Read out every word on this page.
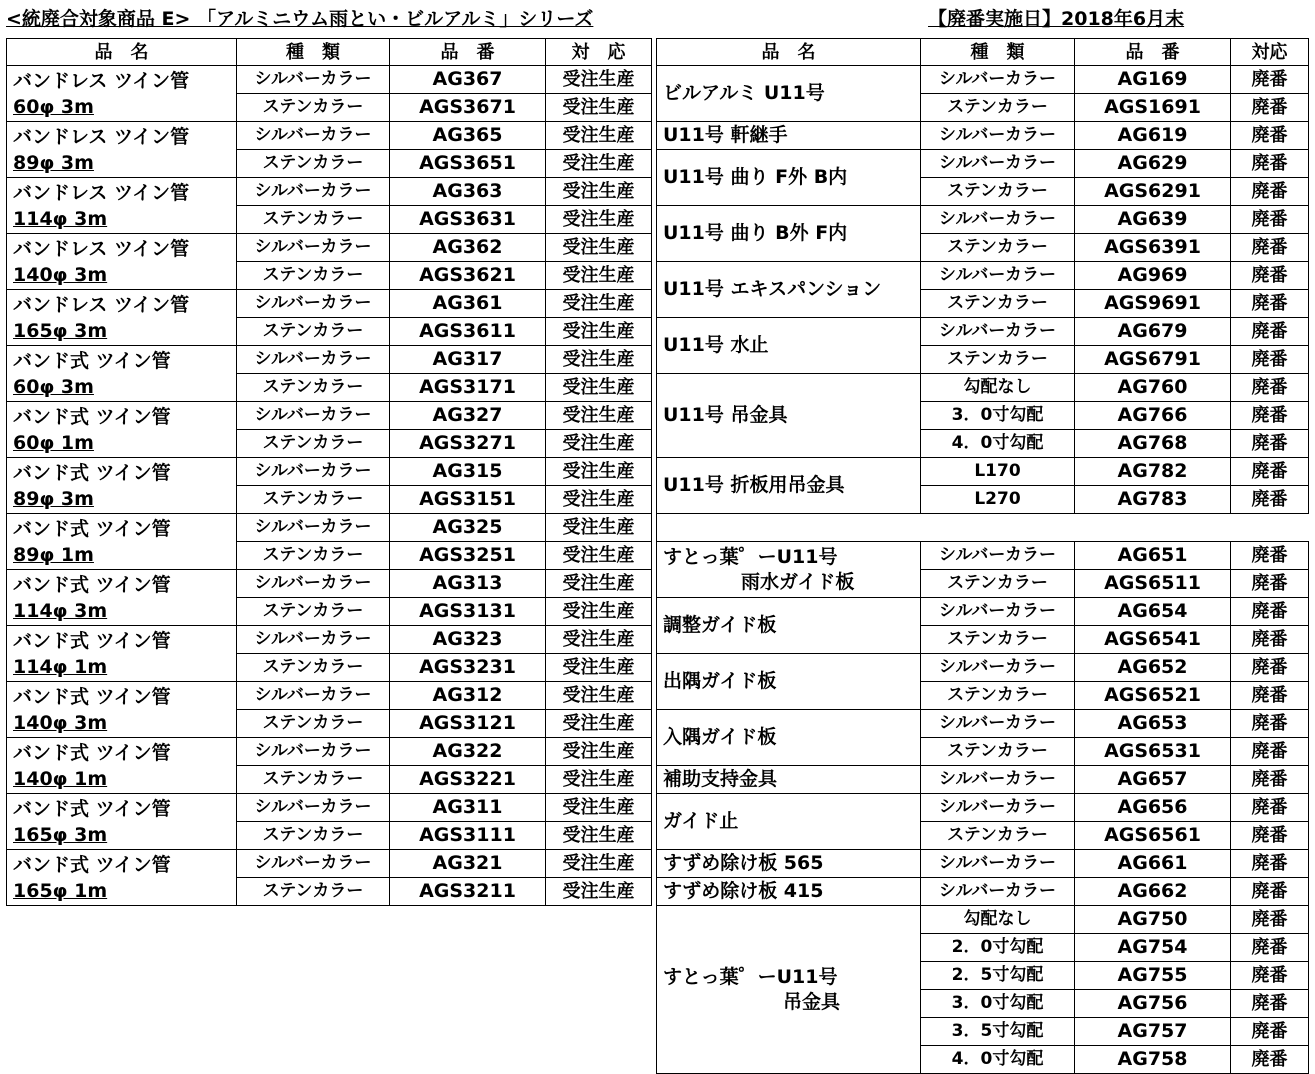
<統廃合対象商品 E> 「アルミニウム雨とい・ビルアルミ」シリーズ	【廃番実施日】2018年6月末
品　名	種　類	品　番	対　応

バンドレス ツイン管
60φ 3m	シルバーカラー	AG367	受注生産
	ステンカラー	AGS3671	受注生産

バンドレス ツイン管
89φ 3m	シルバーカラー	AG365	受注生産
	ステンカラー	AGS3651	受注生産

バンドレス ツイン管
114φ 3m	シルバーカラー	AG363	受注生産
	ステンカラー	AGS3631	受注生産

バンドレス ツイン管
140φ 3m	シルバーカラー	AG362	受注生産
	ステンカラー	AGS3621	受注生産

バンドレス ツイン管
165φ 3m	シルバーカラー	AG361	受注生産
	ステンカラー	AGS3611	受注生産

バンド式 ツイン管
60φ 3m	シルバーカラー	AG317	受注生産
	ステンカラー	AGS3171	受注生産

バンド式 ツイン管
60φ 1m	シルバーカラー	AG327	受注生産
	ステンカラー	AGS3271	受注生産

バンド式 ツイン管
89φ 3m	シルバーカラー	AG315	受注生産
	ステンカラー	AGS3151	受注生産

バンド式 ツイン管
89φ 1m	シルバーカラー	AG325	受注生産
	ステンカラー	AGS3251	受注生産

バンド式 ツイン管
114φ 3m	シルバーカラー	AG313	受注生産
	ステンカラー	AGS3131	受注生産

バンド式 ツイン管
114φ 1m	シルバーカラー	AG323	受注生産
	ステンカラー	AGS3231	受注生産

バンド式 ツイン管
140φ 3m	シルバーカラー	AG312	受注生産
	ステンカラー	AGS3121	受注生産

バンド式 ツイン管
140φ 1m	シルバーカラー	AG322	受注生産
	ステンカラー	AGS3221	受注生産

バンド式 ツイン管
165φ 3m	シルバーカラー	AG311	受注生産
	ステンカラー	AGS3111	受注生産

バンド式 ツイン管
165φ 1m	シルバーカラー	AG321	受注生産
	ステンカラー	AGS3211	受注生産
品　名	種　類	品　番	対応
ビルアルミ U11号	シルバーカラー	AG169	廃番
	ステンカラー	AGS1691	廃番
U11号 軒継手	シルバーカラー	AG619	廃番
U11号 曲り F外 B内	シルバーカラー	AG629	廃番
	ステンカラー	AGS6291	廃番
U11号 曲り B外 F内	シルバーカラー	AG639	廃番
	ステンカラー	AGS6391	廃番
U11号 エキスパンション	シルバーカラー	AG969	廃番
	ステンカラー	AGS9691	廃番
U11号 水止	シルバーカラー	AG679	廃番
	ステンカラー	AGS6791	廃番
U11号 吊金具	勾配なし	AG760	廃番
	3．0寸勾配	AG766	廃番
	4．0寸勾配	AG768	廃番
U11号 折板用吊金具	L170	AG782	廃番
	L270	AG783	廃番

すとっ葉゜ーU11号
雨水ガイド板	シルバーカラー	AG651	廃番
	ステンカラー	AGS6511	廃番
調整ガイド板	シルバーカラー	AG654	廃番
	ステンカラー	AGS6541	廃番
出隅ガイド板	シルバーカラー	AG652	廃番
	ステンカラー	AGS6521	廃番
入隅ガイド板	シルバーカラー	AG653	廃番
	ステンカラー	AGS6531	廃番
補助支持金具	シルバーカラー	AG657	廃番
ガイド止	シルバーカラー	AG656	廃番
	ステンカラー	AGS6561	廃番
すずめ除け板 565	シルバーカラー	AG661	廃番
すずめ除け板 415	シルバーカラー	AG662	廃番

すとっ葉゜ーU11号
吊金具	勾配なし	AG750	廃番
	2．0寸勾配	AG754	廃番
	2．5寸勾配	AG755	廃番
	3．0寸勾配	AG756	廃番
	3．5寸勾配	AG757	廃番
	4．0寸勾配	AG758	廃番
